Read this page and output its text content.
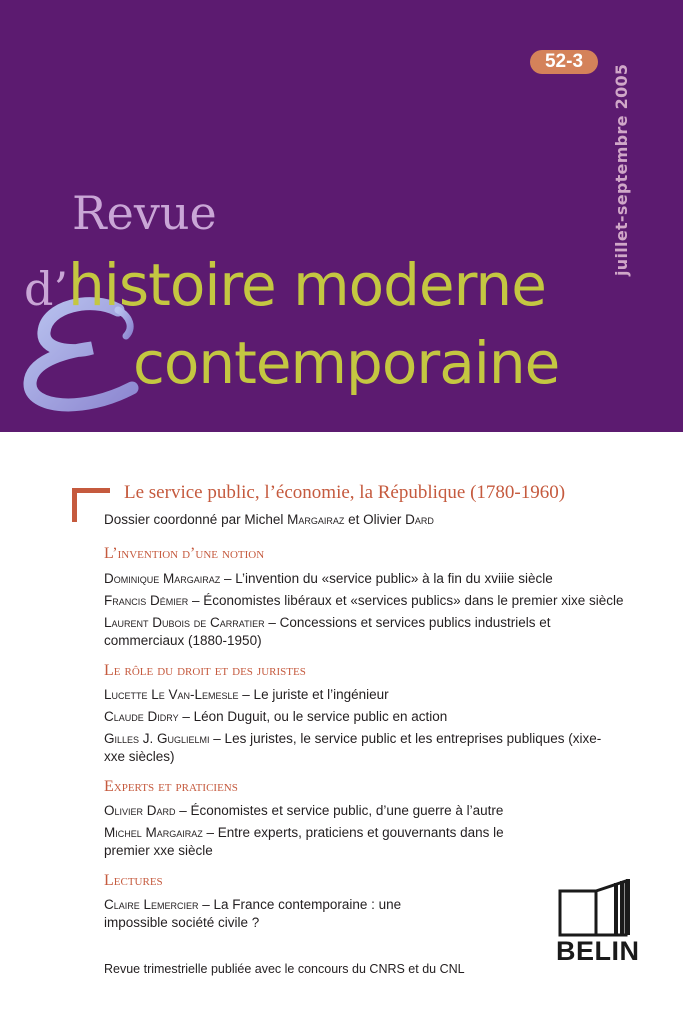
52-3
juillet-septembre 2005
Revue
d’ histoire moderne
contemporaine
Le service public, l’économie, la République (1780-1960)
Dossier coordonné par Michel Margairaz et Olivier Dard
L’invention d’une notion
Dominique Margairaz – L’invention du «service public» à la fin du xviiie siècle
Francis Démier – Économistes libéraux et «services publics» dans le premier xixe siècle
Laurent Dubois de Carratier – Concessions et services publics industriels et commerciaux (1880-1950)
Le rôle du droit et des juristes
Lucette Le Van-Lemesle – Le juriste et l’ingénieur
Claude Didry – Léon Duguit, ou le service public en action
Gilles J. Guglielmi – Les juristes, le service public et les entreprises publiques (xixe-xxe siècles)
Experts et praticiens
Olivier Dard – Économistes et service public, d’une guerre à l’autre
Michel Margairaz – Entre experts, praticiens et gouvernants dans le premier xxe siècle
Lectures
Claire Lemercier – La France contemporaine : une impossible société civile ?
Revue trimestrielle publiée avec le concours du CNRS et du CNL
BELIN
